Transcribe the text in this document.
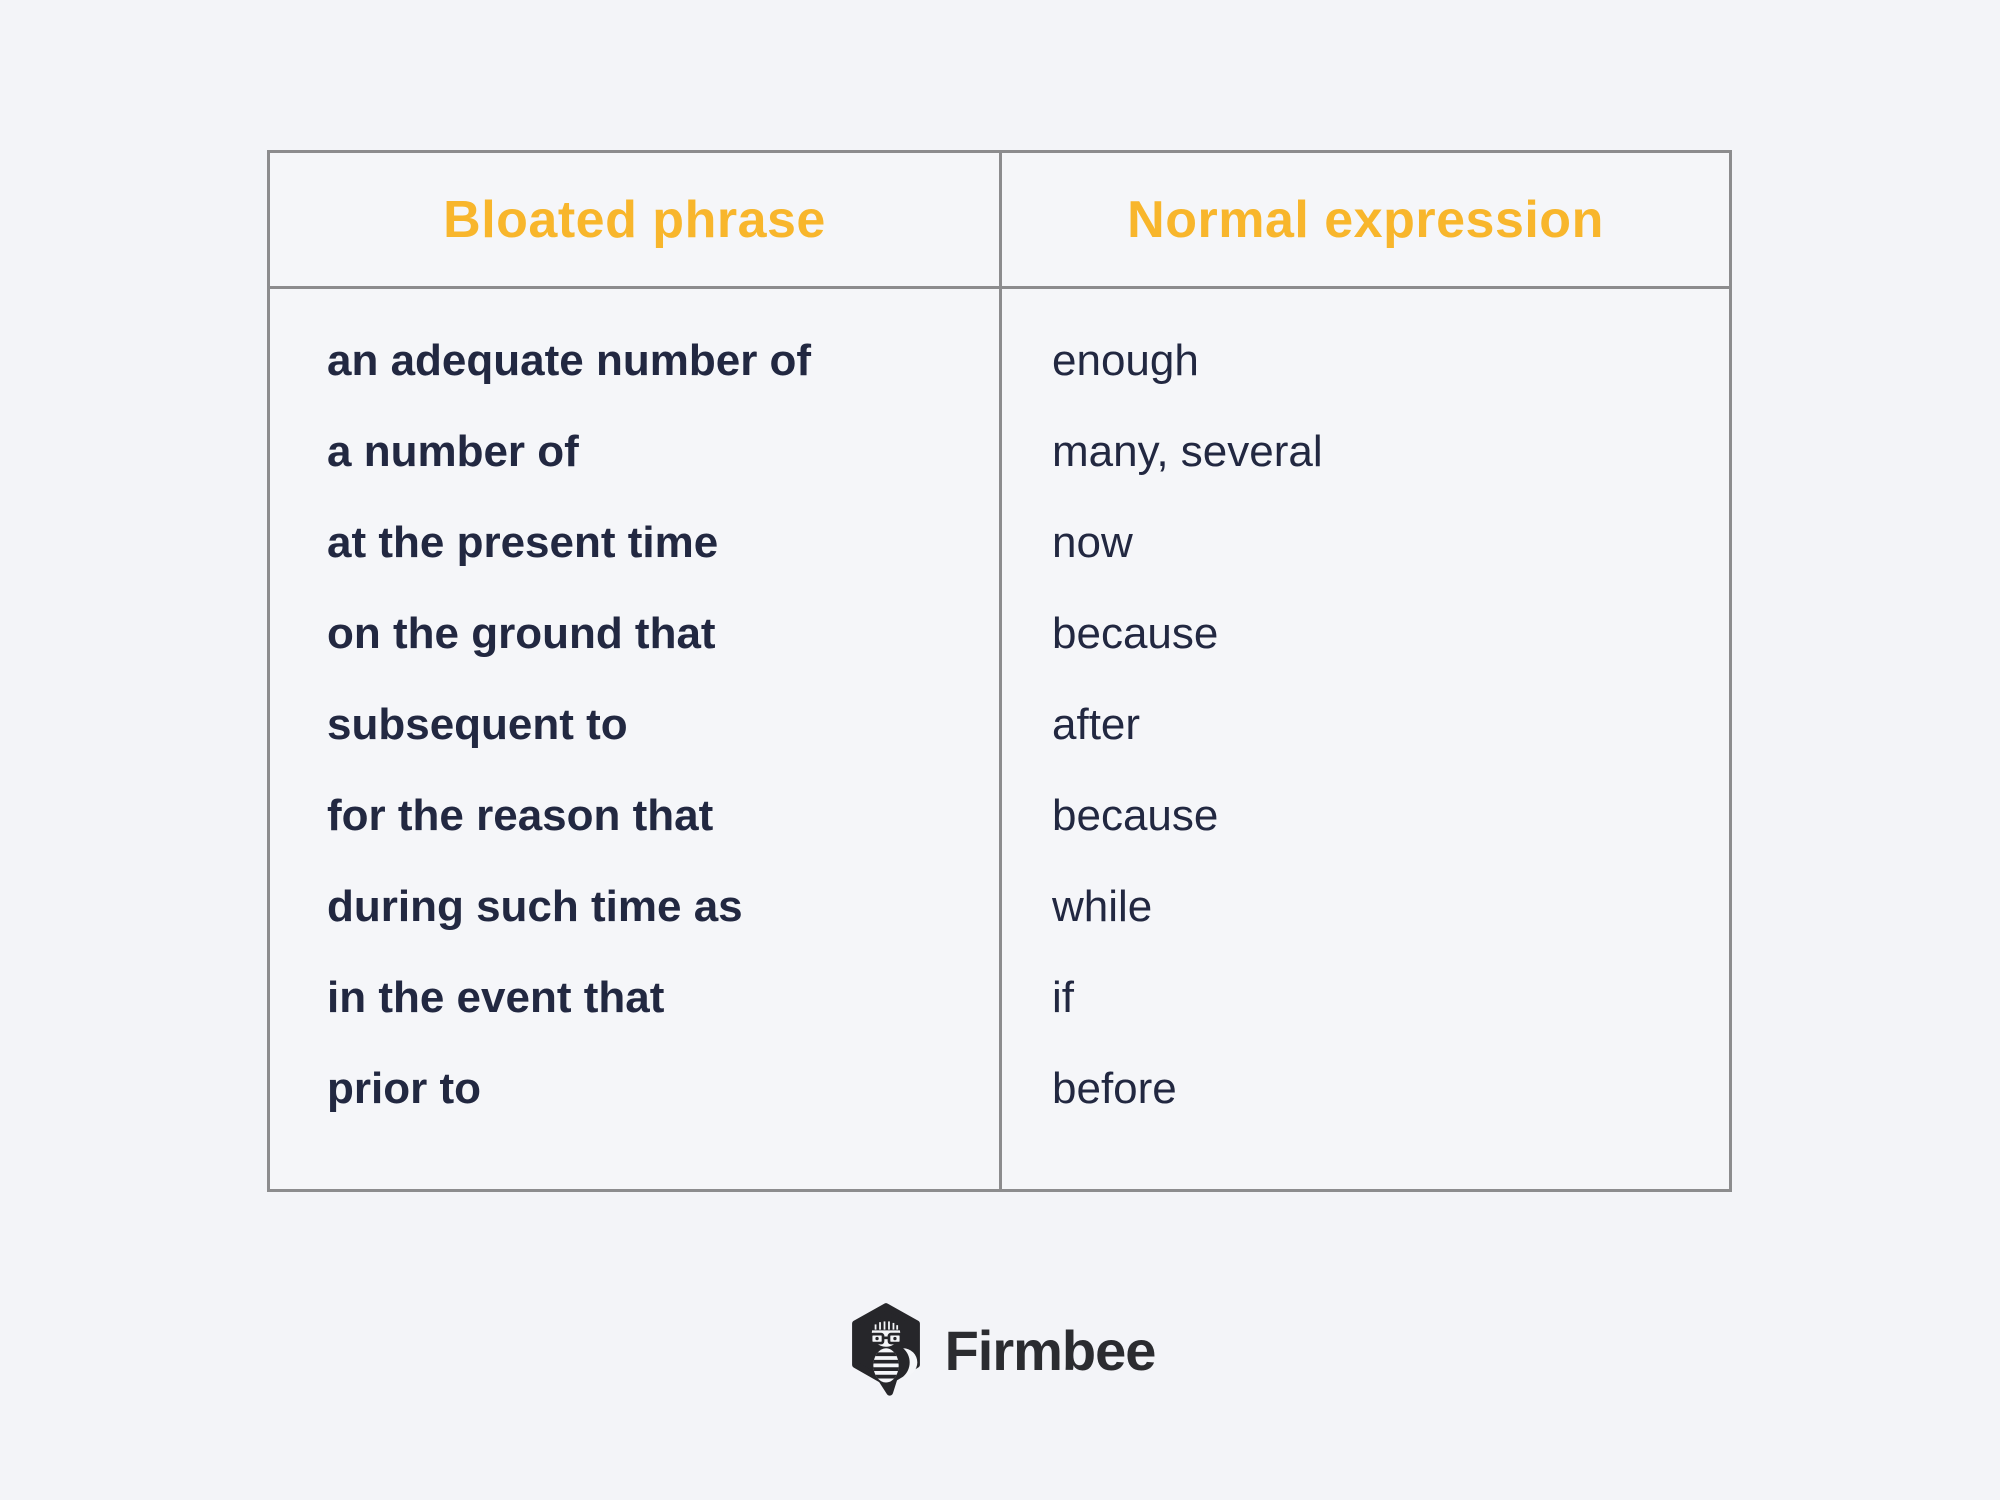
Bloated phrase	Normal expression
an adequate number of
a number of
at the present time
on the ground that
subsequent to
for the reason that
during such time as
in the event that
prior to
enough
many, several
now
because
after
because
while
if
before
Firmbee
